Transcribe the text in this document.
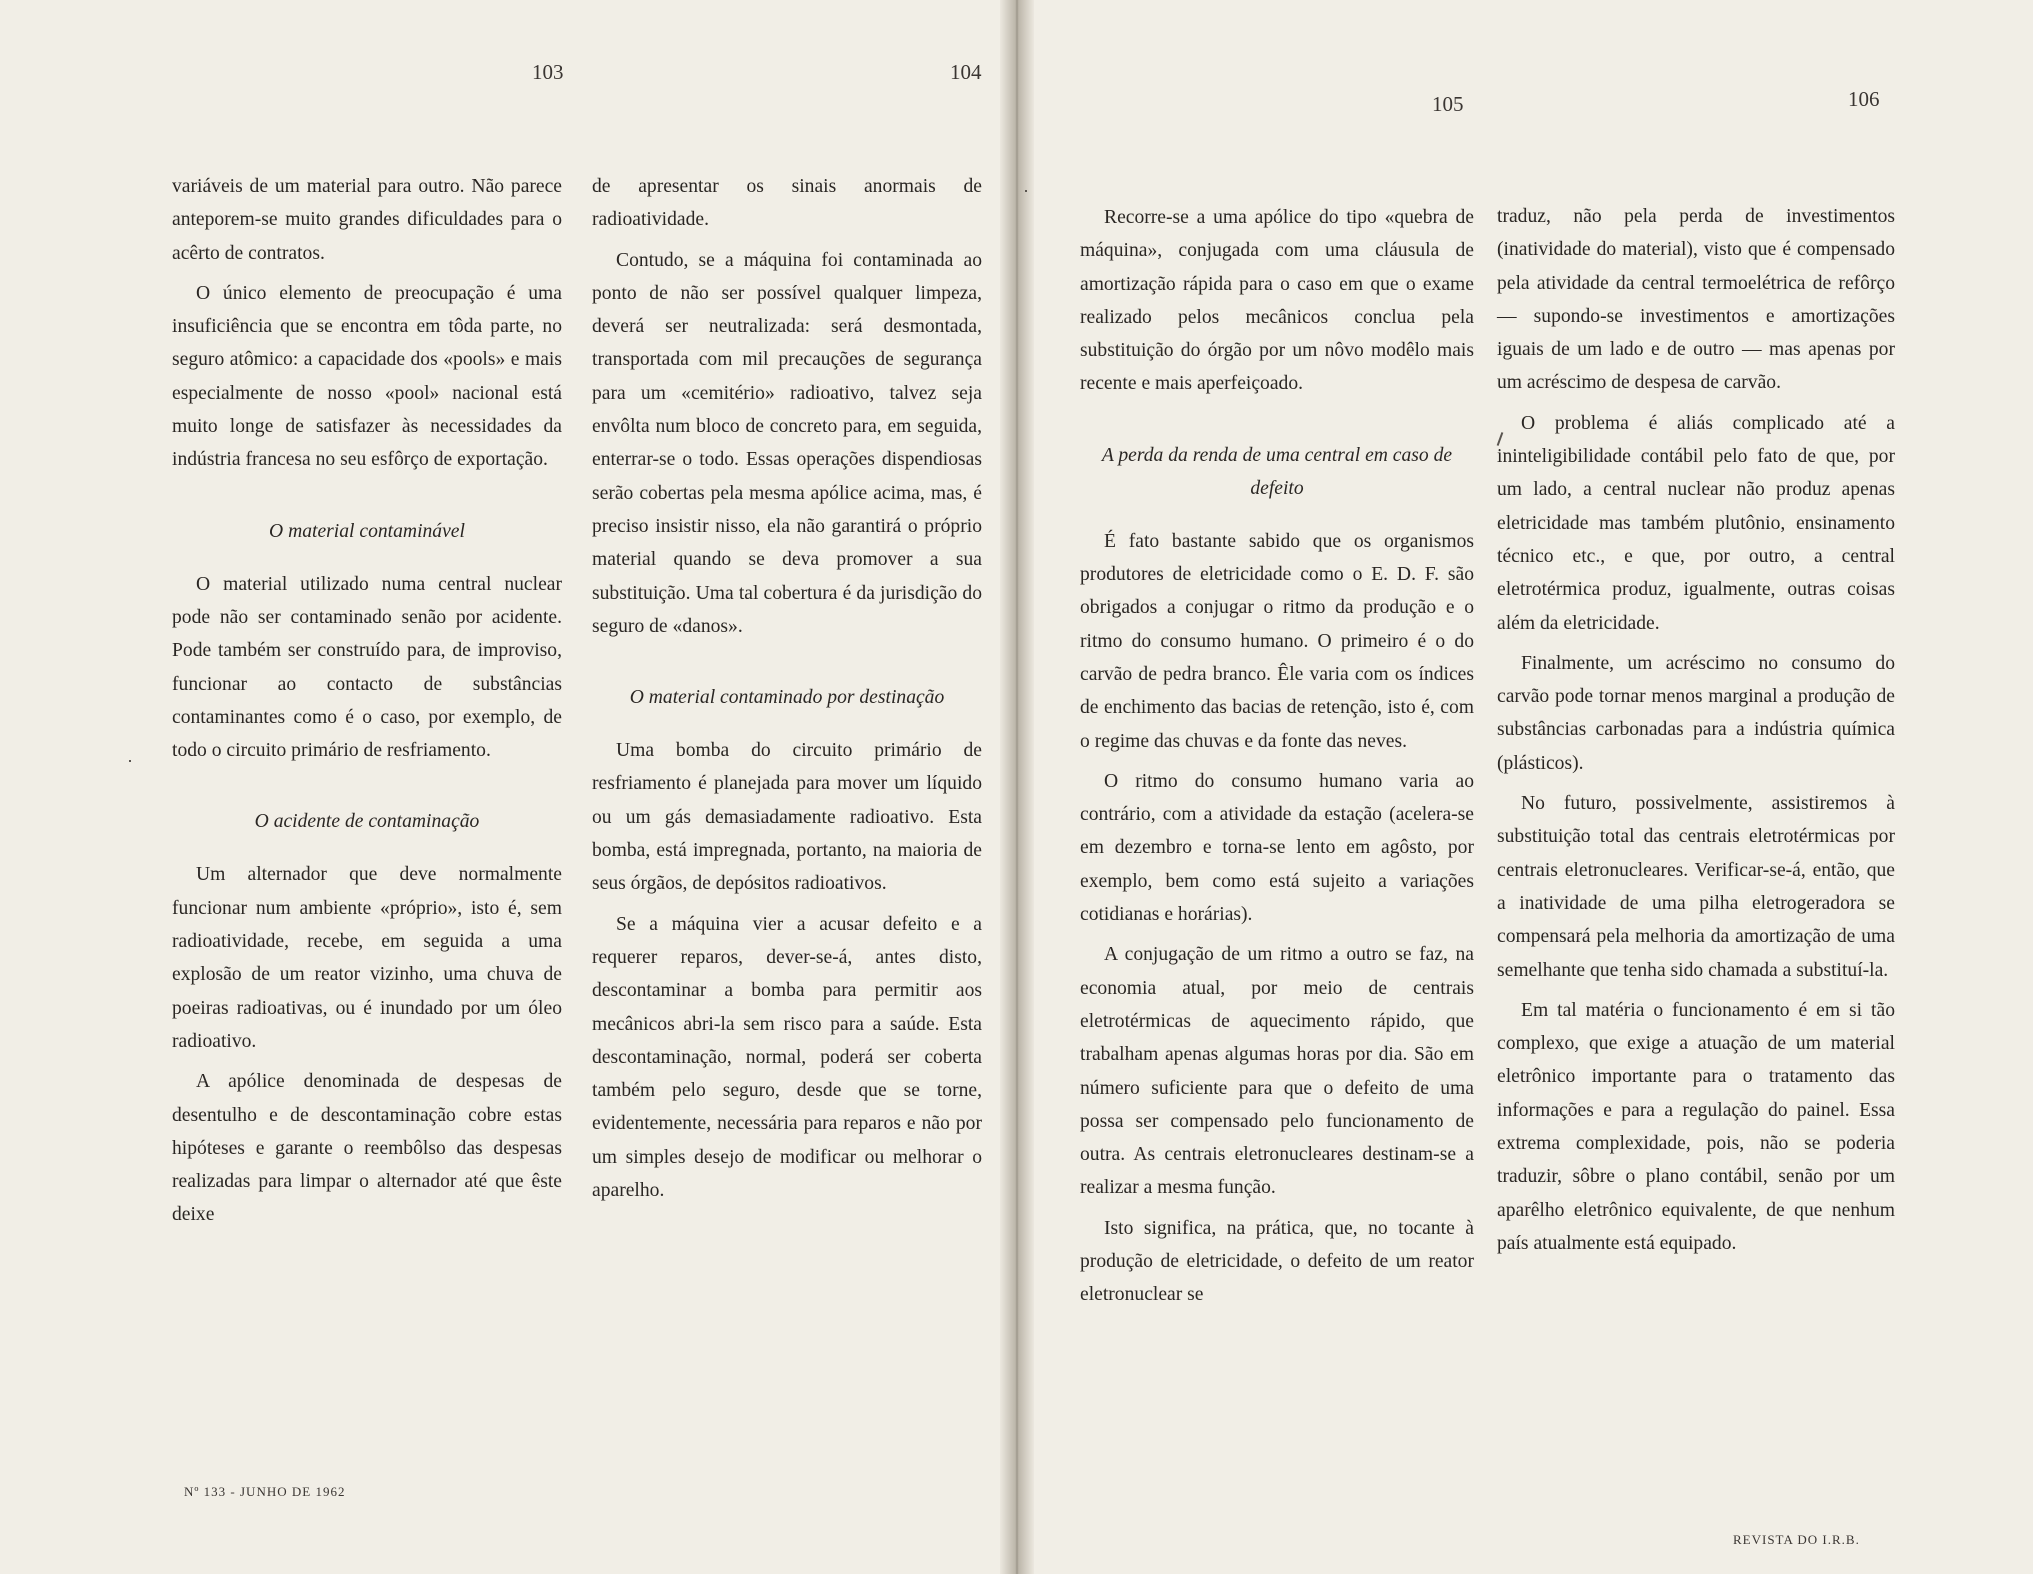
103	104
105	106

variáveis de um material para outro. Não parece anteporem-se muito grandes dificuldades para o acêrto de contratos.

O único elemento de preocupação é uma insuficiência que se encontra em tôda parte, no seguro atômico: a capacidade dos «pools» e mais especialmente de nosso «pool» nacional está muito longe de satisfazer às necessidades da indústria francesa no seu esfôrço de exportação.

O material contaminável

O material utilizado numa central nuclear pode não ser contaminado senão por acidente. Pode também ser construído para, de improviso, funcionar ao contacto de substâncias contaminantes como é o caso, por exemplo, de todo o circuito primário de resfriamento.

O acidente de contaminação

Um alternador que deve normalmente funcionar num ambiente «próprio», isto é, sem radioatividade, recebe, em seguida a uma explosão de um reator vizinho, uma chuva de poeiras radioativas, ou é inundado por um óleo radioativo.

A apólice denominada de despesas de desentulho e de descontaminação cobre estas hipóteses e garante o reembôlso das despesas realizadas para limpar o alternador até que êste deixe

de apresentar os sinais anormais de radioatividade.

Contudo, se a máquina foi contaminada ao ponto de não ser possível qualquer limpeza, deverá ser neutralizada: será desmontada, transportada com mil precauções de segurança para um «cemitério» radioativo, talvez seja envôlta num bloco de concreto para, em seguida, enterrar-se o todo. Essas operações dispendiosas serão cobertas pela mesma apólice acima, mas, é preciso insistir nisso, ela não garantirá o próprio material quando se deva promover a sua substituição. Uma tal cobertura é da jurisdição do seguro de «danos».

O material contaminado por destinação

Uma bomba do circuito primário de resfriamento é planejada para mover um líquido ou um gás demasiadamente radioativo. Esta bomba, está impregnada, portanto, na maioria de seus órgãos, de depósitos radioativos.

Se a máquina vier a acusar defeito e a requerer reparos, dever-se-á, antes disto, descontaminar a bomba para permitir aos mecânicos abri-la sem risco para a saúde. Esta descontaminação, normal, poderá ser coberta também pelo seguro, desde que se torne, evidentemente, necessária para reparos e não por um simples desejo de modificar ou melhorar o aparelho.

Recorre-se a uma apólice do tipo «quebra de máquina», conjugada com uma cláusula de amortização rápida para o caso em que o exame realizado pelos mecânicos conclua pela substituição do órgão por um nôvo modêlo mais recente e mais aperfeiçoado.

A perda da renda de uma central em caso de defeito

É fato bastante sabido que os organismos produtores de eletricidade como o E. D. F. são obrigados a conjugar o ritmo da produção e o ritmo do consumo humano. O primeiro é o do carvão de pedra branco. Êle varia com os índices de enchimento das bacias de retenção, isto é, com o regime das chuvas e da fonte das neves.

O ritmo do consumo humano varia ao contrário, com a atividade da estação (acelera-se em dezembro e torna-se lento em agôsto, por exemplo, bem como está sujeito a variações cotidianas e horárias).

A conjugação de um ritmo a outro se faz, na economia atual, por meio de centrais eletrotérmicas de aquecimento rápido, que trabalham apenas algumas horas por dia. São em número suficiente para que o defeito de uma possa ser compensado pelo funcionamento de outra. As centrais eletronucleares destinam-se a realizar a mesma função.

Isto significa, na prática, que, no tocante à produção de eletricidade, o defeito de um reator eletronuclear se

traduz, não pela perda de investimentos (inatividade do material), visto que é compensado pela atividade da central termoelétrica de refôrço — supondo-se investimentos e amortizações iguais de um lado e de outro — mas apenas por um acréscimo de despesa de carvão.

O problema é aliás complicado até a ininteligibilidade contábil pelo fato de que, por um lado, a central nuclear não produz apenas eletricidade mas também plutônio, ensinamento técnico etc., e que, por outro, a central eletrotérmica produz, igualmente, outras coisas além da eletricidade.

Finalmente, um acréscimo no consumo do carvão pode tornar menos marginal a produção de substâncias carbonadas para a indústria química (plásticos).

No futuro, possivelmente, assistiremos à substituição total das centrais eletrotérmicas por centrais eletronucleares. Verificar-se-á, então, que a inatividade de uma pilha eletrogeradora se compensará pela melhoria da amortização de uma semelhante que tenha sido chamada a substituí-la.

Em tal matéria o funcionamento é em si tão complexo, que exige a atuação de um material eletrônico importante para o tratamento das informações e para a regulação do painel. Essa extrema complexidade, pois, não se poderia traduzir, sôbre o plano contábil, senão por um aparêlho eletrônico equivalente, de que nenhum país atualmente está equipado.

Nº 133 - JUNHO DE 1962
REVISTA DO I.R.B.
